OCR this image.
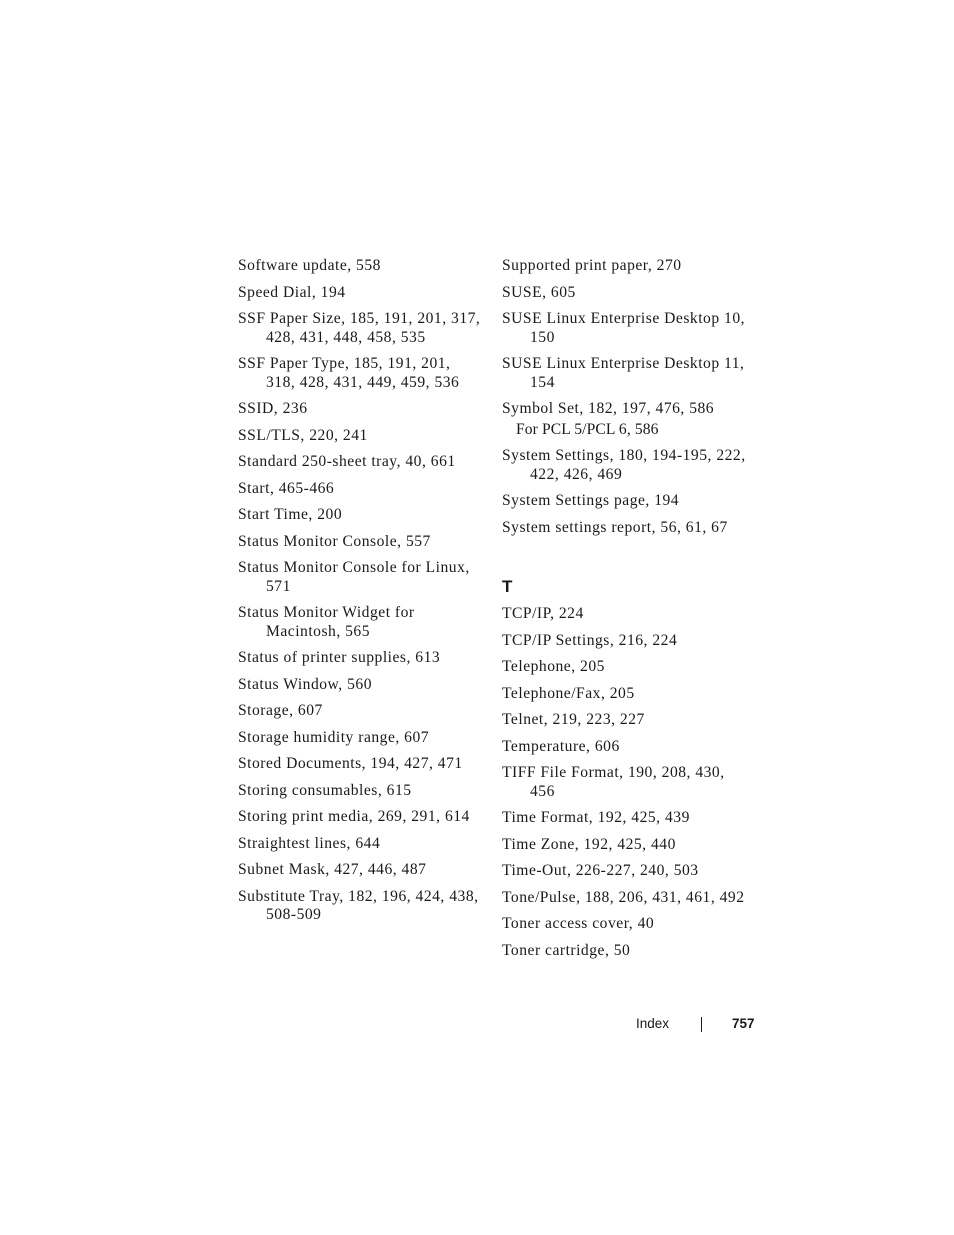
Software update, 558
Speed Dial, 194
SSF Paper Size, 185, 191, 201, 317, 428, 431, 448, 458, 535
SSF Paper Type, 185, 191, 201, 318, 428, 431, 449, 459, 536
SSID, 236
SSL/TLS, 220, 241
Standard 250-sheet tray, 40, 661
Start, 465-466
Start Time, 200
Status Monitor Console, 557
Status Monitor Console for Linux, 571
Status Monitor Widget for Macintosh, 565
Status of printer supplies, 613
Status Window, 560
Storage, 607
Storage humidity range, 607
Stored Documents, 194, 427, 471
Storing consumables, 615
Storing print media, 269, 291, 614
Straightest lines, 644
Subnet Mask, 427, 446, 487
Substitute Tray, 182, 196, 424, 438, 508-509
Supported print paper, 270
SUSE, 605
SUSE Linux Enterprise Desktop 10, 150
SUSE Linux Enterprise Desktop 11, 154
Symbol Set, 182, 197, 476, 586
For PCL 5/PCL 6, 586
System Settings, 180, 194-195, 222, 422, 426, 469
System Settings page, 194
System settings report, 56, 61, 67
T
TCP/IP, 224
TCP/IP Settings, 216, 224
Telephone, 205
Telephone/Fax, 205
Telnet, 219, 223, 227
Temperature, 606
TIFF File Format, 190, 208, 430, 456
Time Format, 192, 425, 439
Time Zone, 192, 425, 440
Time-Out, 226-227, 240, 503
Tone/Pulse, 188, 206, 431, 461, 492
Toner access cover, 40
Toner cartridge, 50
Index	757
